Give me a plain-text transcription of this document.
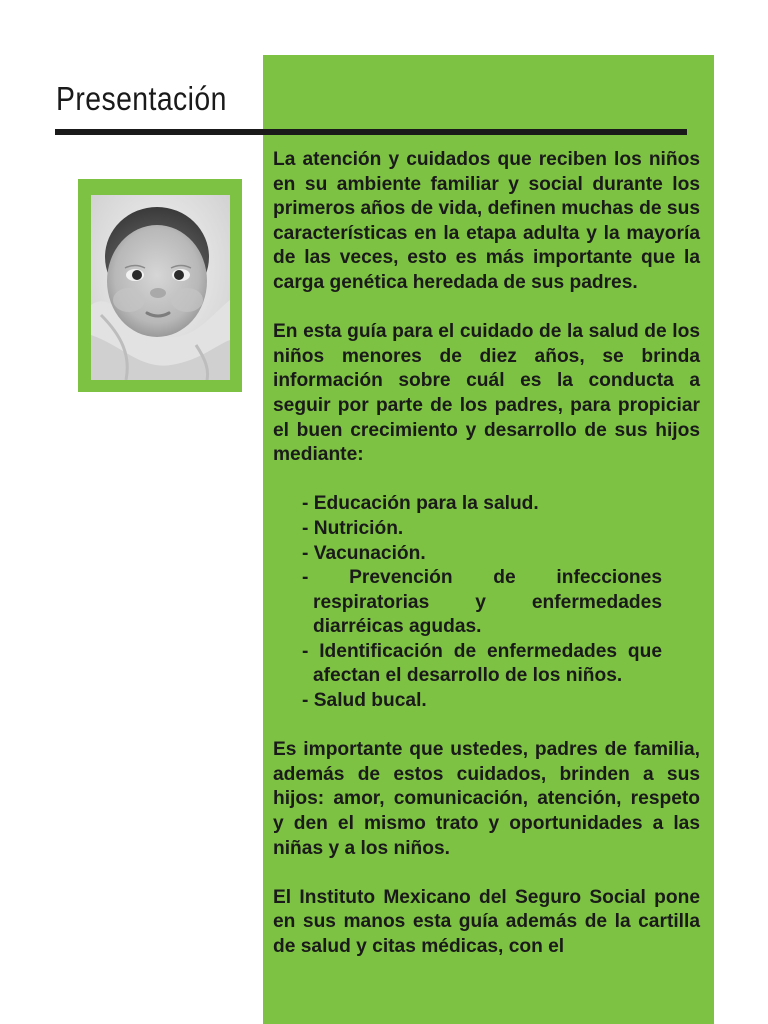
Presentación

La atención y cuidados que reciben los niños en su ambiente familiar y social durante los primeros años de vida, definen muchas de sus características en la etapa adulta y la mayoría de las veces, esto es más importante que la carga genética heredada de sus padres.

En esta guía para el cuidado de la salud de los niños menores de diez años, se brinda información sobre cuál es la conducta a seguir por parte de los padres, para propiciar el buen crecimiento y desarrollo de sus hijos mediante:

- Educación para la salud.
- Nutrición.
- Vacunación.
- Prevención de infecciones respiratorias y enfermedades diarréicas agudas.
- Identificación de enfermedades que afectan el desarrollo de los niños.
- Salud bucal.

Es importante que ustedes, padres de familia, además de estos cuidados, brinden a sus hijos: amor, comunicación, atención, respeto y den el mismo trato y oportunidades a las niñas y a los niños.

El Instituto Mexicano del Seguro Social pone en sus manos esta guía además de la cartilla de salud y citas médicas, con el
